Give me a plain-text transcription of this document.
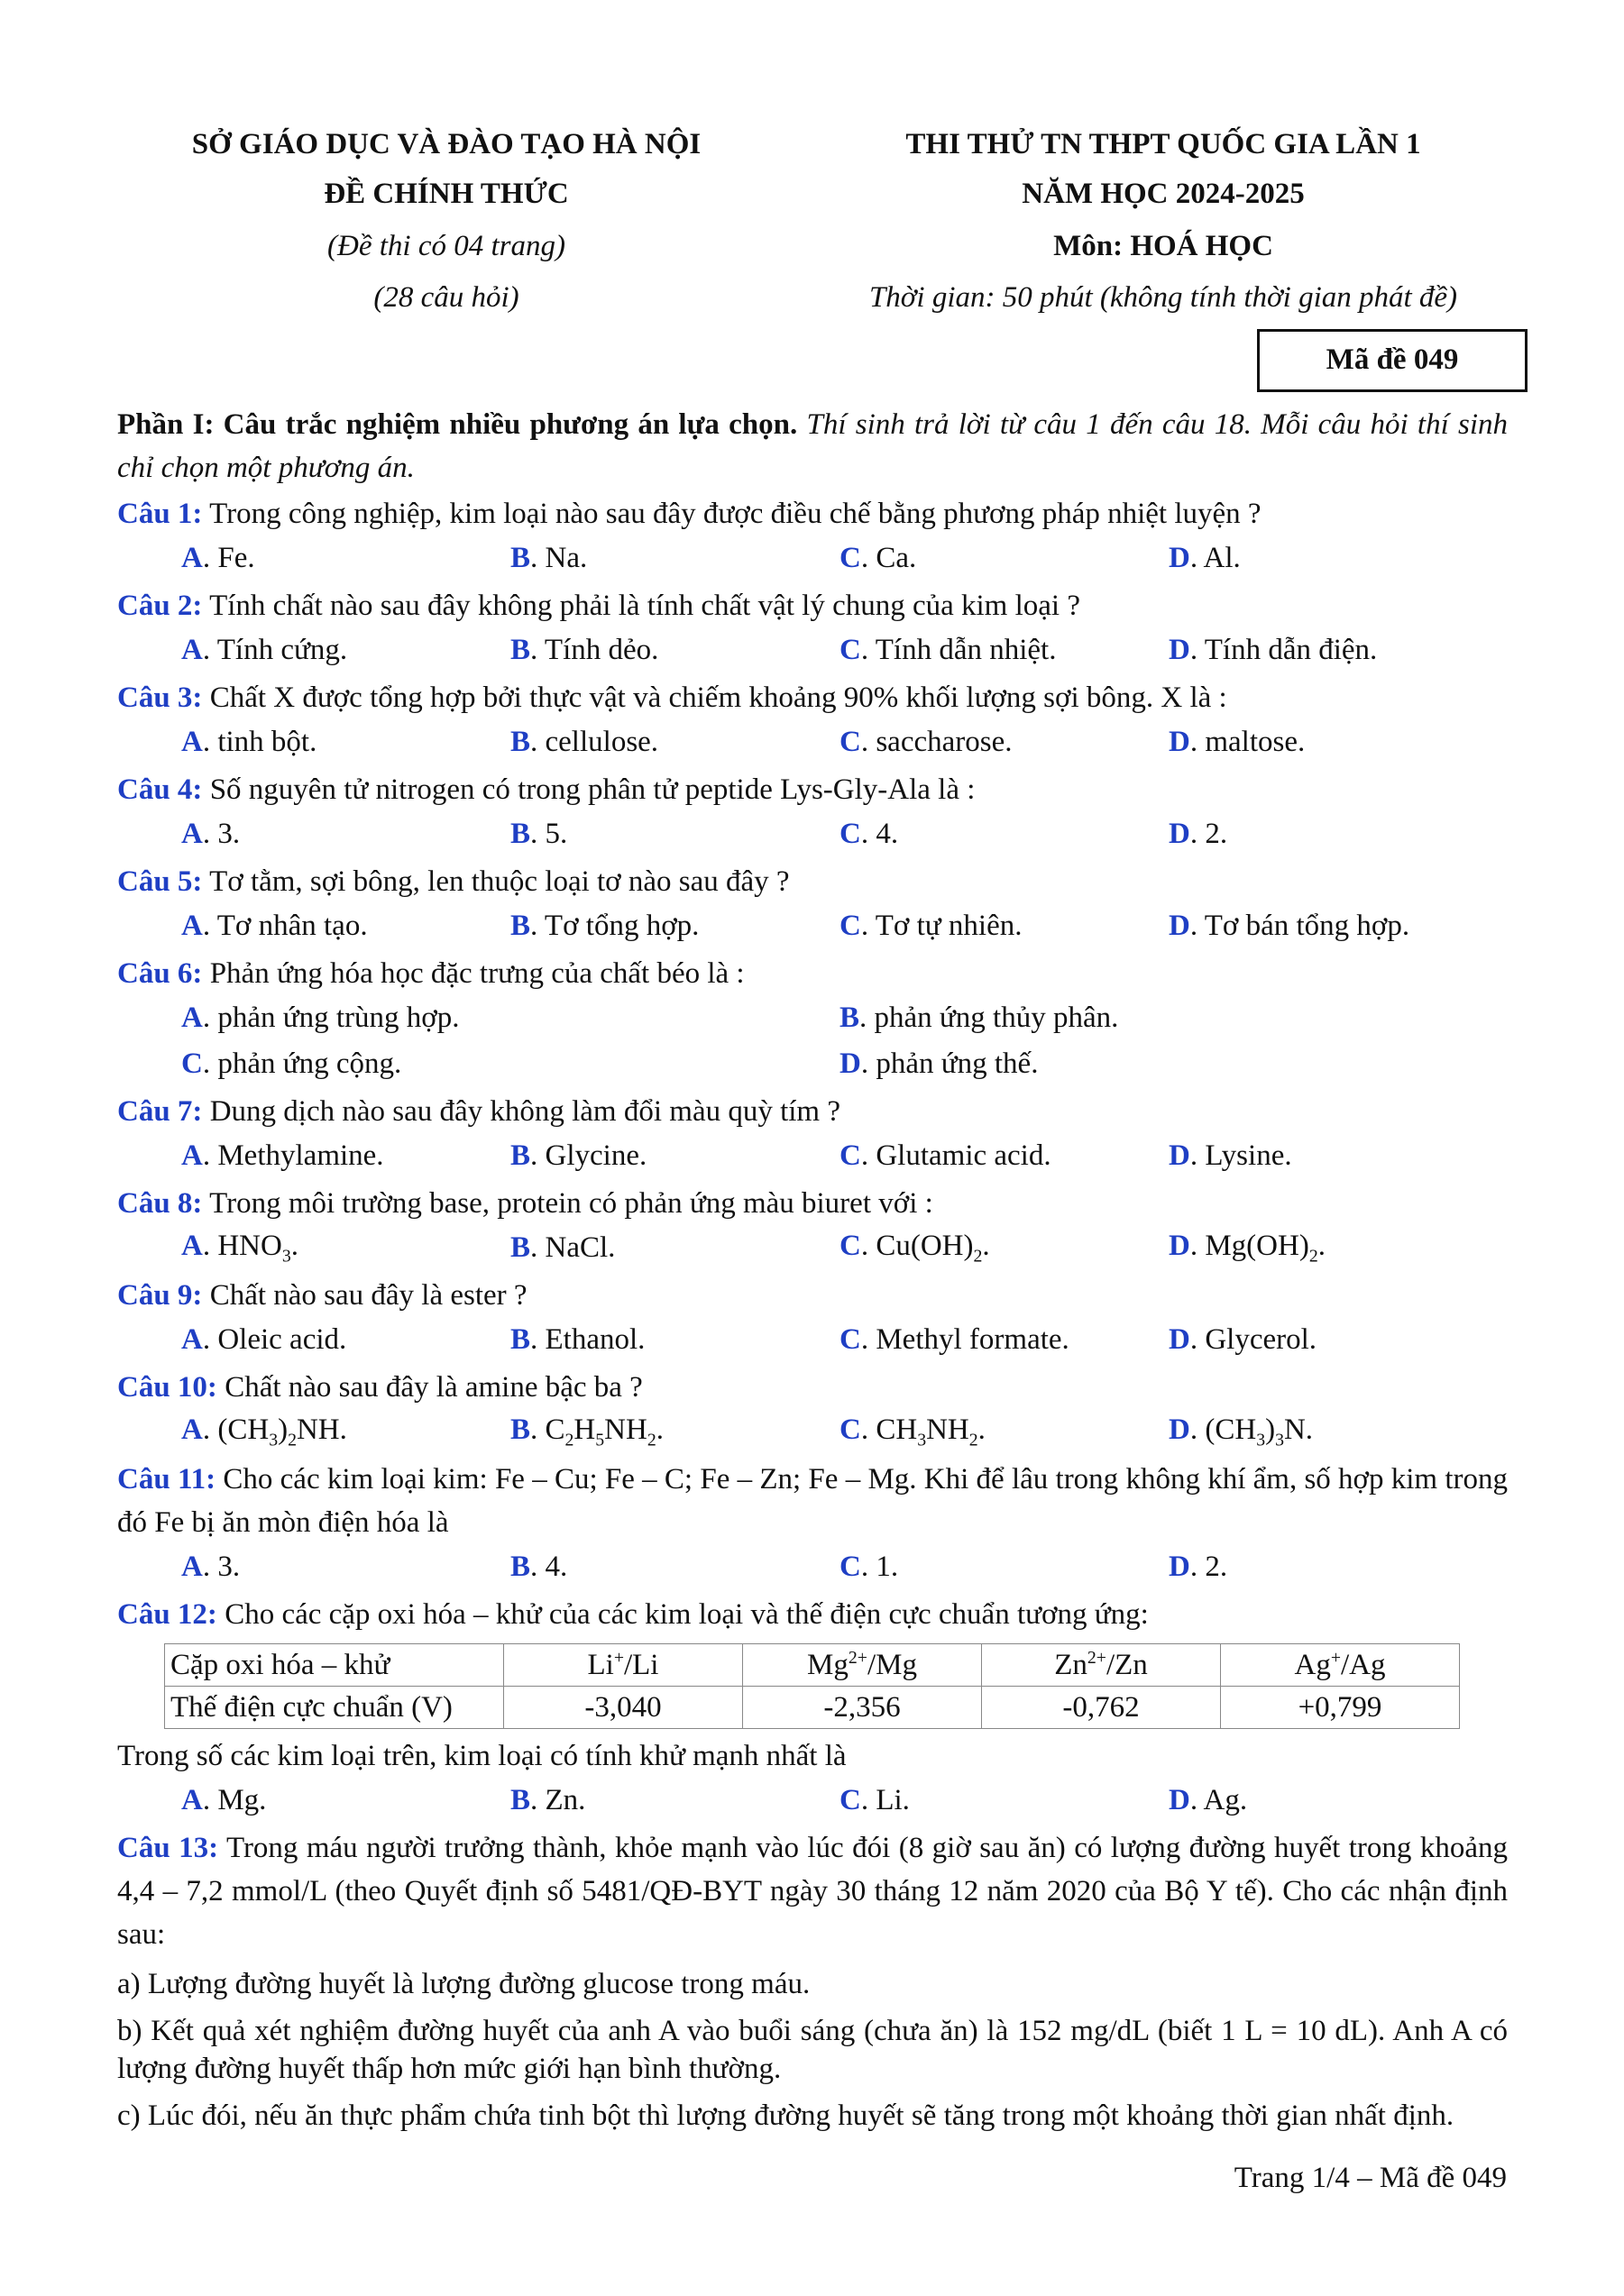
SỞ GIÁO DỤC VÀ ĐÀO TẠO HÀ NỘI
ĐỀ CHÍNH THỨC
(Đề thi có 04 trang)
(28 câu hỏi)
THI THỬ TN THPT QUỐC GIA LẦN 1
NĂM HỌC 2024-2025
Môn: HOÁ HỌC
Thời gian: 50 phút (không tính thời gian phát đề)
Mã đề 049
Phần I: Câu trắc nghiệm nhiều phương án lựa chọn. Thí sinh trả lời từ câu 1 đến câu 18. Mỗi câu hỏi thí sinh chỉ chọn một phương án.
Câu 1: Trong công nghiệp, kim loại nào sau đây được điều chế bằng phương pháp nhiệt luyện ?
A. Fe.	B. Na.	C. Ca.	D. Al.
Câu 2: Tính chất nào sau đây không phải là tính chất vật lý chung của kim loại ?
A. Tính cứng.	B. Tính dẻo.	C. Tính dẫn nhiệt.	D. Tính dẫn điện.
Câu 3: Chất X được tổng hợp bởi thực vật và chiếm khoảng 90% khối lượng sợi bông. X là :
A. tinh bột.	B. cellulose.	C. saccharose.	D. maltose.
Câu 4: Số nguyên tử nitrogen có trong phân tử peptide Lys-Gly-Ala là :
A. 3.	B. 5.	C. 4.	D. 2.
Câu 5: Tơ tằm, sợi bông, len thuộc loại tơ nào sau đây ?
A. Tơ nhân tạo.	B. Tơ tổng hợp.	C. Tơ tự nhiên.	D. Tơ bán tổng hợp.
Câu 6: Phản ứng hóa học đặc trưng của chất béo là :
A. phản ứng trùng hợp.	B. phản ứng thủy phân.
C. phản ứng cộng.	D. phản ứng thế.
Câu 7: Dung dịch nào sau đây không làm đổi màu quỳ tím ?
A. Methylamine.	B. Glycine.	C. Glutamic acid.	D. Lysine.
Câu 8: Trong môi trường base, protein có phản ứng màu biuret với :
A. $HNO_3$.	B. NaCl.	C. $Cu(OH)_2$.	D. $Mg(OH)_2$.
Câu 9: Chất nào sau đây là ester ?
A. Oleic acid.	B. Ethanol.	C. Methyl formate.	D. Glycerol.
Câu 10: Chất nào sau đây là amine bậc ba ?
A. $(CH_3)_2NH$.	B. $C_2H_5NH_2$.	C. $CH_3NH_2$.	D. $(CH_3)_3N$.
Câu 11: Cho các kim loại kim: Fe – Cu; Fe – C; Fe – Zn; Fe – Mg. Khi để lâu trong không khí ẩm, số hợp kim trong đó Fe bị ăn mòn điện hóa là
A. 3.	B. 4.	C. 1.	D. 2.
Câu 12: Cho các cặp oxi hóa – khử của các kim loại và thế điện cực chuẩn tương ứng:
Cặp oxi hóa – khử	Li+/Li	$Mg^{2+}/Mg$	$Zn^{2+}/Zn$	Ag+/Ag
Thế điện cực chuẩn (V)	-3,040	-2,356	-0,762	+0,799
Trong số các kim loại trên, kim loại có tính khử mạnh nhất là
A. Mg.	B. Zn.	C. Li.	D. Ag.
Câu 13: Trong máu người trưởng thành, khỏe mạnh vào lúc đói (8 giờ sau ăn) có lượng đường huyết trong khoảng 4,4 – 7,2 mmol/L (theo Quyết định số 5481/QĐ-BYT ngày 30 tháng 12 năm 2020 của Bộ Y tế). Cho các nhận định sau:
a) Lượng đường huyết là lượng đường glucose trong máu.
b) Kết quả xét nghiệm đường huyết của anh A vào buổi sáng (chưa ăn) là 152 mg/dL (biết 1 L = 10 dL). Anh A có lượng đường huyết thấp hơn mức giới hạn bình thường.
c) Lúc đói, nếu ăn thực phẩm chứa tinh bột thì lượng đường huyết sẽ tăng trong một khoảng thời gian nhất định.
Trang 1/4 – Mã đề 049
